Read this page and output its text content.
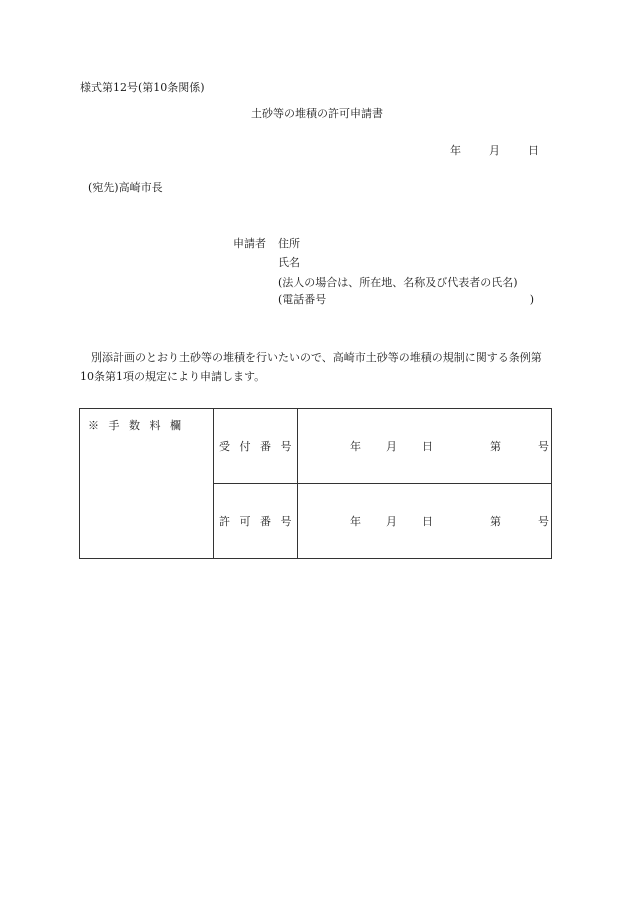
様式第12号(第10条関係)
土砂等の堆積の許可申請書
年	月	日
(宛先)高崎市長
申請者 住所
氏名
(法人の場合は、所在地、名称及び代表者の氏名)
(電話番号	)
別添計画のとおり土砂等の堆積を行いたいので、高崎市土砂等の堆積の規制に関する条例第10条第1項の規定により申請します。
※ 手 数 料 欄	受 付 番 号	年 月 日 第 号

	許 可 番 号	年 月 日 第 号
